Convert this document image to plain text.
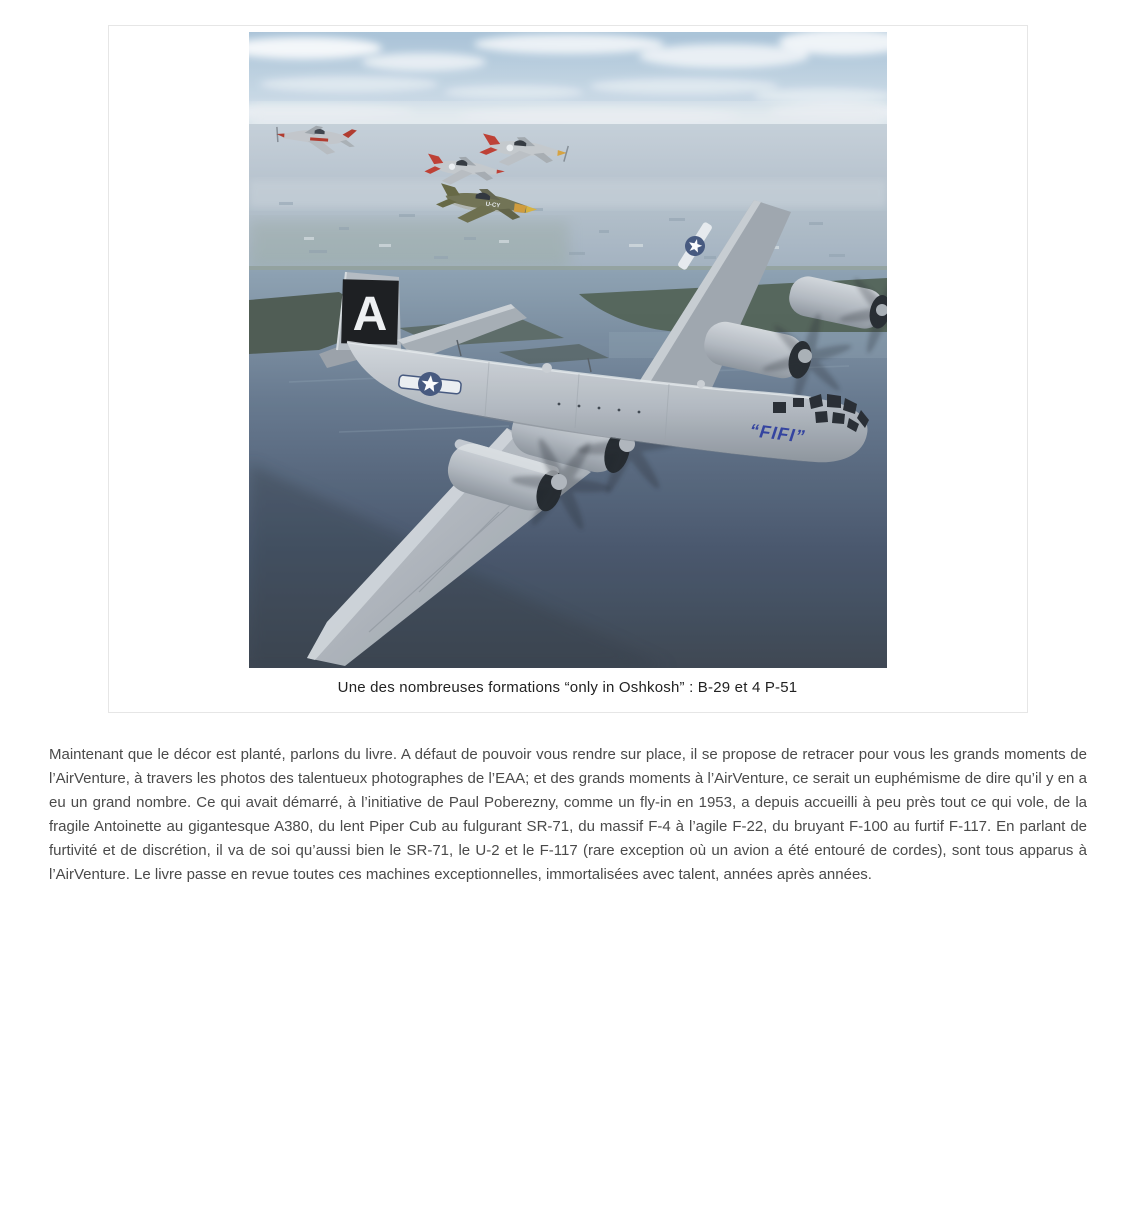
U-CY
A
“FIFI”
Une des nombreuses formations “only in Oshkosh” : B-29 et 4 P-51

Maintenant que le décor est planté, parlons du livre. A défaut de pouvoir vous rendre sur place, il se propose de retracer pour vous les grands moments de l’AirVenture, à travers les photos des talentueux photographes de l’EAA; et des grands moments à l’AirVenture, ce serait un euphémisme de dire qu’il y en a eu un grand nombre. Ce qui avait démarré, à l’initiative de Paul Poberezny, comme un fly-in en 1953, a depuis accueilli à peu près tout ce qui vole, de la fragile Antoinette au gigantesque A380, du lent Piper Cub au fulgurant SR-71, du massif F-4 à l’agile F-22, du bruyant F-100 au furtif F-117. En parlant de furtivité et de discrétion, il va de soi qu’aussi bien le SR-71, le U-2 et le F-117 (rare exception où un avion a été entouré de cordes), sont tous apparus à l’AirVenture. Le livre passe en revue toutes ces machines exceptionnelles, immortalisées avec talent, années après années.
